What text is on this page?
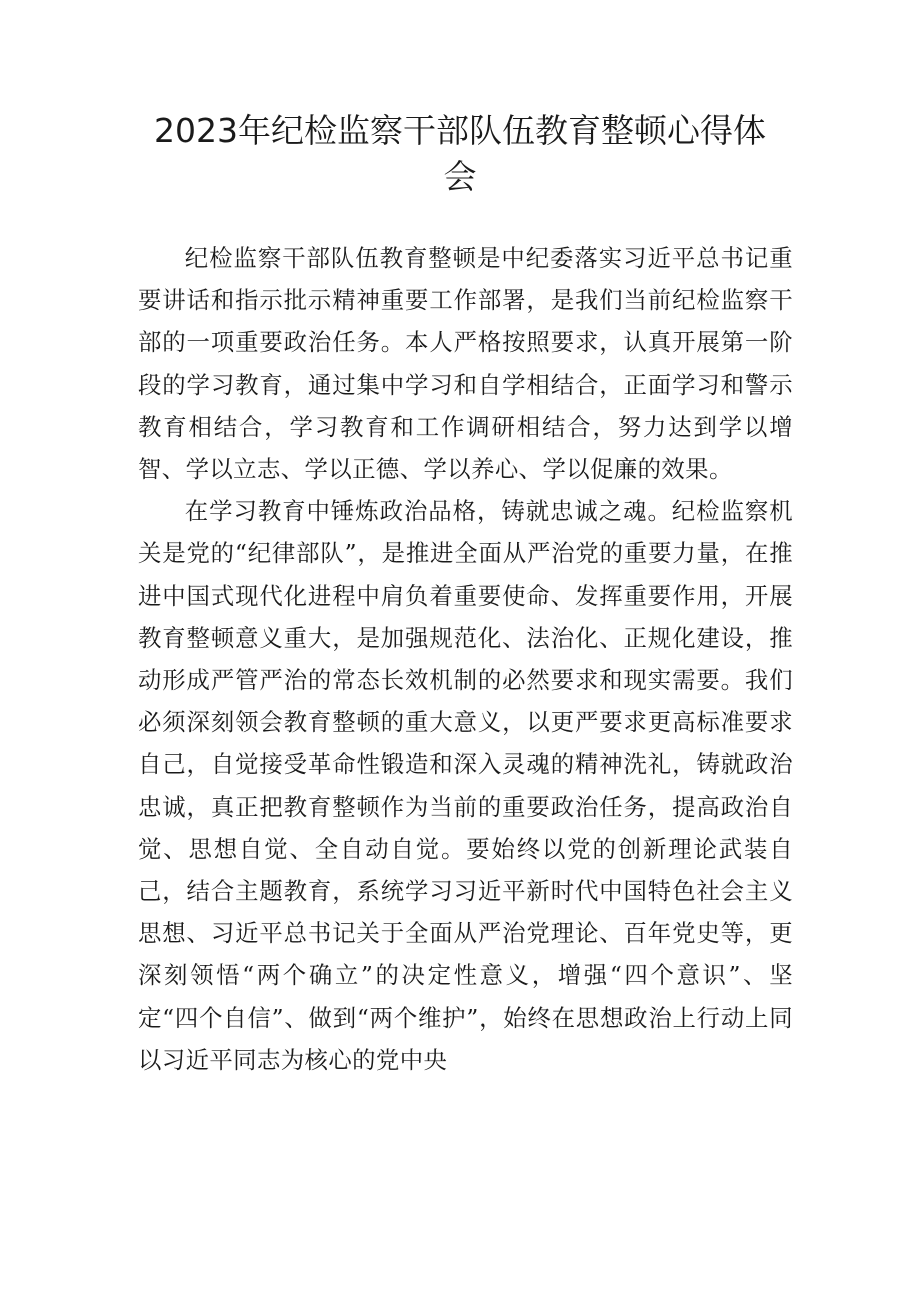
2023年纪检监察干部队伍教育整顿心得体会

纪检监察干部队伍教育整顿是中纪委落实习近平总书记重要讲话和指示批示精神重要工作部署，是我们当前纪检监察干部的一项重要政治任务。本人严格按照要求，认真开展第一阶段的学习教育，通过集中学习和自学相结合，正面学习和警示教育相结合，学习教育和工作调研相结合，努力达到学以增智、学以立志、学以正德、学以养心、学以促廉的效果。

在学习教育中锤炼政治品格，铸就忠诚之魂。纪检监察机关是党的“纪律部队”，是推进全面从严治党的重要力量，在推进中国式现代化进程中肩负着重要使命、发挥重要作用，开展教育整顿意义重大，是加强规范化、法治化、正规化建设，推动形成严管严治的常态长效机制的必然要求和现实需要。我们必须深刻领会教育整顿的重大意义，以更严要求更高标准要求自己，自觉接受革命性锻造和深入灵魂的精神洗礼，铸就政治忠诚，真正把教育整顿作为当前的重要政治任务，提高政治自觉、思想自觉、全自动自觉。要始终以党的创新理论武装自己，结合主题教育，系统学习习近平新时代中国特色社会主义思想、习近平总书记关于全面从严治党理论、百年党史等，更深刻领悟“两个确立”的决定性意义，增强“四个意识”、坚定“四个自信”、做到“两个维护”，始终在思想政治上行动上同以习近平同志为核心的党中央
